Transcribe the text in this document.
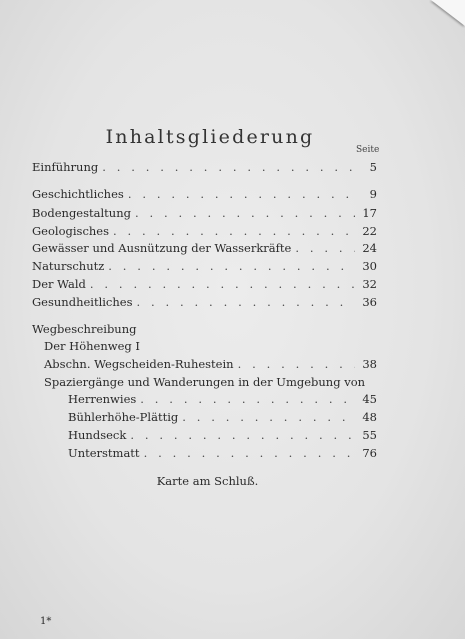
Inhaltsgliederung
Seite
Einführung . . .	5
Geschichtliches . . .	9
Bodengestaltung . . .	17
Geologisches . . .	22
Gewässer und Ausnützung der Wasserkräfte . . .	24
Naturschutz . . .	30
Der Wald . . .	32
Gesundheitliches . . .	36
Wegbeschreibung
Der Höhenweg I
Abschn. Wegscheiden-Ruhestein . . .	38
Spaziergänge und Wanderungen in der Umgebung von
Herrenwies . . .	45
Bühlerhöhe-Plättig . . .	48
Hundseck . . .	55
Unterstmatt . . .	76
Karte am Schluß.
1*
